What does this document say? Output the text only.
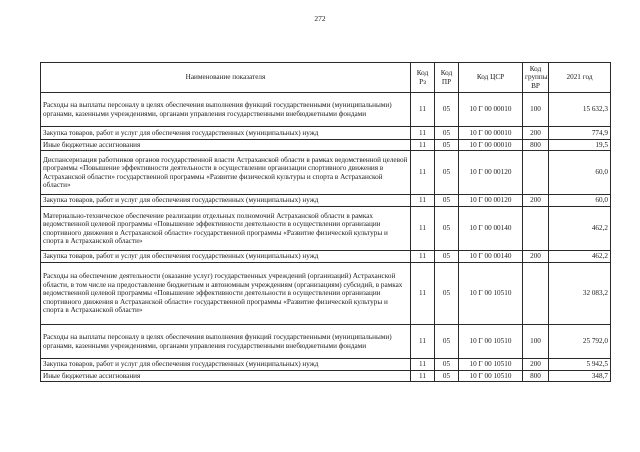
272
Наименование показателя	Код Рз	Код ПР	Код ЦСР	Код группы ВР	2021 год
Расходы на выплаты персоналу в целях обеспечения выполнения функций государственными (муниципальными) органами, казенными учреждениями, органами управления государственными внебюджетными фондами	11	05	10 Г 00 00010	100	15 632,3
Закупка товаров, работ и услуг для обеспечения государственных (муниципальных) нужд	11	05	10 Г 00 00010	200	774,9
Иные бюджетные ассигнования	11	05	10 Г 00 00010	800	19,5
Диспансеризация работников органов государственной власти Астраханской области в рамках ведомственной целевой программы «Повышение эффективности деятельности в осуществлении организации спортивного движения в Астраханской области» государственной программы «Развитие физической культуры и спорта в Астраханской области»	11	05	10 Г 00 00120		60,0
Закупка товаров, работ и услуг для обеспечения государственных (муниципальных) нужд	11	05	10 Г 00 00120	200	60,0
Материально-техническое обеспечение реализации отдельных полномочий Астраханской области в рамках ведомственной целевой программы «Повышение эффективности деятельности в осуществлении организации спортивного движения в Астраханской области» государственной программы «Развитие физической культуры и спорта в Астраханской области»	11	05	10 Г 00 00140		462,2
Закупка товаров, работ и услуг для обеспечения государственных (муниципальных) нужд	11	05	10 Г 00 00140	200	462,2
Расходы на обеспечение деятельности (оказание услуг) государственных учреждений (организаций) Астраханской области, в том числе на предоставление бюджетным и автономным учреждениям (организациям) субсидий, в рамках ведомственной целевой программы «Повышение эффективности деятельности в осуществлении организации спортивного движения в Астраханской области» государственной программы «Развитие физической культуры и спорта в Астраханской области»	11	05	10 Г 00 10510		32 083,2
Расходы на выплаты персоналу в целях обеспечения выполнения функций государственными (муниципальными) органами, казенными учреждениями, органами управления государственными внебюджетными фондами	11	05	10 Г 00 10510	100	25 792,0
Закупка товаров, работ и услуг для обеспечения государственных (муниципальных) нужд	11	05	10 Г 00 10510	200	5 942,5
Иные бюджетные ассигнования	11	05	10 Г 00 10510	800	348,7
